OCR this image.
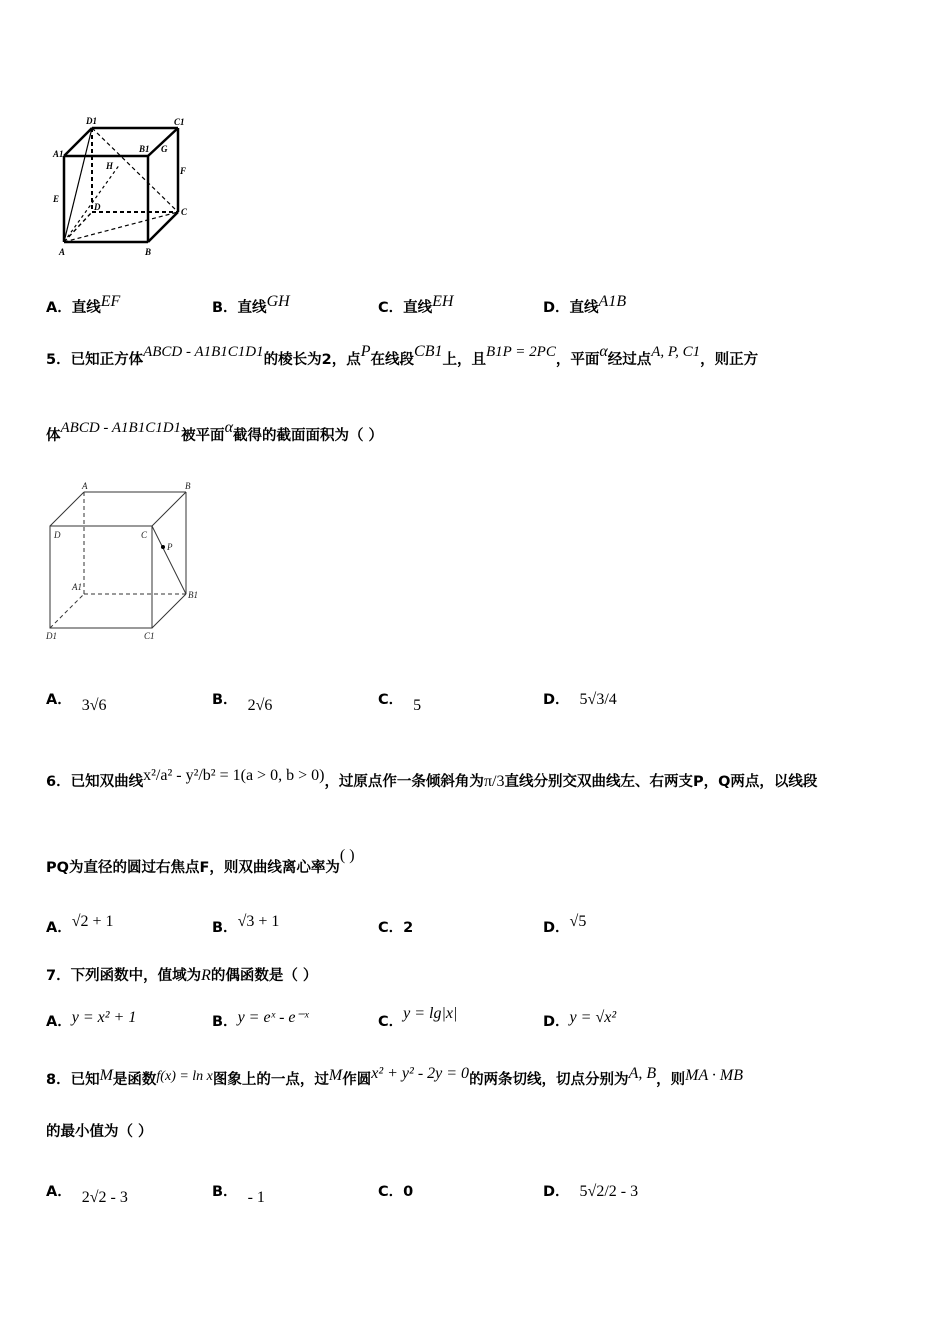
D1	C1
A1	B1 G
H	F
E
D	C
A	B
A．直线EF	B．直线GH	C．直线EH	D．直线A1B
5．已知正方体ABCD - A1B1C1D1的棱长为2，点P在线段CB1上，且B1P = 2PC，平面α经过点A, P, C1，则正方
体ABCD - A1B1C1D1被平面α截得的截面面积为（ ）
A	B
D	C
P
A1
B1
D1	C1
A． 3√6	B． 2√6	C． 5	D． 5√3/4
6．已知双曲线x²/a² - y²/b² = 1(a > 0, b > 0)，过原点作一条倾斜角为π/3直线分别交双曲线左、右两支P，Q两点，以线段
PQ为直径的圆过右焦点F，则双曲线离心率为( )
A．√2 + 1	B．√3 + 1	C．2	D．√5
7．下列函数中，值域为R的偶函数是（ ）
A．y = x² + 1	B．y = eˣ - e⁻ˣ	C．y = lg|x|	D．y = √x²
8．已知M是函数f(x) = ln x图象上的一点，过M作圆x² + y² - 2y = 0的两条切线，切点分别为A, B，则MA · MB
的最小值为（ ）
A． 2√2 - 3	B． - 1	C．0	D． 5√2/2 - 3
